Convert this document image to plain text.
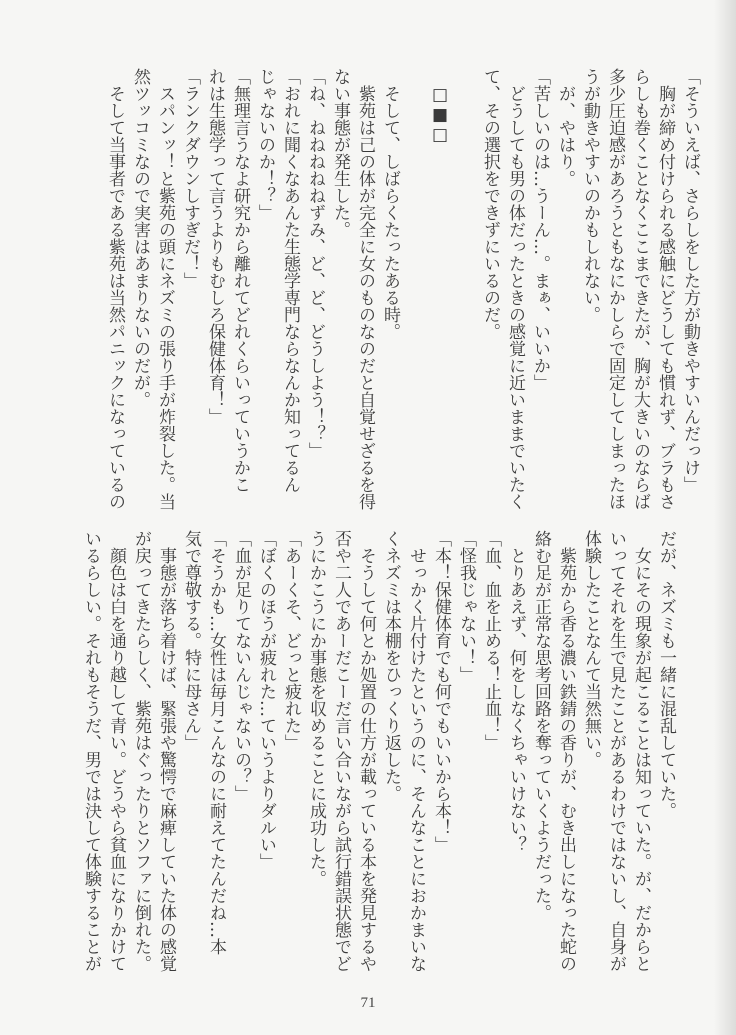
「そういえば、さらしをした方が動きやすいんだっけ」
　胸が締め付けられる感触にどうしても慣れず、ブラもさ
らしも巻くことなくここまできたが、胸が大きいのならば
多少圧迫感があろうともなにかしらで固定してしまったほ
うが動きやすいのかもしれない。
　が、やはり。
「苦しいのは…うーん…。まぁ、いいか」
　どうしても男の体だったときの感覚に近いままでいたく
て、その選択をできずにいるのだ。
　□■□
　そして、しばらくたったある時。
　紫苑は己の体が完全に女のものなのだと自覚せざるを得
ない事態が発生した。
「ね、ねねねねねずみ、ど、ど、どうしよう！？」
「おれに聞くなあんた生態学専門ならなんか知ってるん
じゃないのか！？」
「無理言うなよ研究から離れてどれくらいっていうかこ
れは生態学って言うよりもむしろ保健体育！」
「ランクダウンしすぎだ！」
　スパンッ！と紫苑の頭にネズミの張り手が炸裂した。当
然ツッコミなので実害はあまりないのだが。
　そして当事者である紫苑は当然パニックになっているの
だが、ネズミも一緒に混乱していた。
　女にその現象が起こることは知っていた。が、だからと
いってそれを生で見たことがあるわけではないし、自身が
体験したことなんて当然無い。
　紫苑から香る濃い鉄錆の香りが、むき出しになった蛇の
絡む足が正常な思考回路を奪っていくようだった。
　とりあえず、何をしなくちゃいけない？
「血、血を止める！止血！」
「怪我じゃない！」
「本！保健体育でも何でもいいから本！」
　せっかく片付けたというのに、そんなことにおかまいな
くネズミは本棚をひっくり返した。
　そうして何とか処置の仕方が載っている本を発見するや
否や二人であーだこーだ言い合いながら試行錯誤状態でど
うにかこうにか事態を収めることに成功した。
「あーくそ、どっと疲れた」
「ぼくのほうが疲れた…ていうよりダルい」
「血が足りてないんじゃないの？」
「そうかも…女性は毎月こんなのに耐えてたんだね…本
気で尊敬する。特に母さん」
　事態が落ち着けば、緊張や驚愕で麻痺していた体の感覚
が戻ってきたらしく、紫苑はぐったりとソファに倒れた。
　顔色は白を通り越して青い。どうやら貧血になりかけて
いるらしい。それもそうだ、男では決して体験することが
71
